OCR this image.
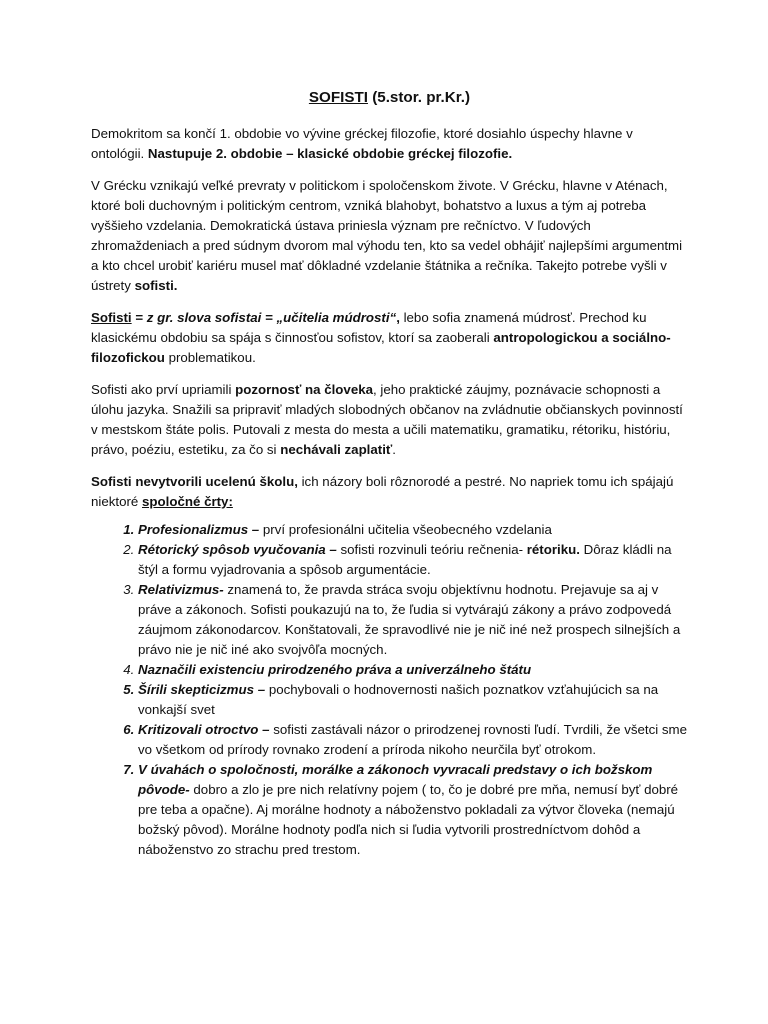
SOFISTI (5.stor. pr.Kr.)

Demokritom sa končí 1. obdobie vo vývine gréckej filozofie, ktoré dosiahlo úspechy hlavne v ontológii. Nastupuje 2. obdobie – klasické obdobie gréckej filozofie.

V Grécku vznikajú veľké prevraty v politickom i spoločenskom živote. V Grécku, hlavne v Aténach, ktoré boli duchovným i politickým centrom, vzniká blahobyt, bohatstvo a luxus a tým aj potreba vyššieho vzdelania. Demokratická ústava priniesla význam pre rečníctvo. V ľudových zhromaždeniach a pred súdnym dvorom mal výhodu ten, kto sa vedel obhájiť najlepšími argumentmi a kto chcel urobiť kariéru musel mať dôkladné vzdelanie štátnika a rečníka. Takejto potrebe vyšli v ústrety sofisti.

Sofisti = z gr. slova sofistai = „učitelia múdrosti“, lebo sofia znamená múdrosť. Prechod ku klasickému obdobiu sa spája s činnosťou sofistov, ktorí sa zaoberali antropologickou a sociálno-filozofickou problematikou.

Sofisti ako prví upriamili pozornosť na človeka, jeho praktické záujmy, poznávacie schopnosti a úlohu jazyka. Snažili sa pripraviť mladých slobodných občanov na zvládnutie občianskych povinností v mestskom štáte polis. Putovali z mesta do mesta a učili matematiku, gramatiku, rétoriku, históriu, právo, poéziu, estetiku, za čo si nechávali zaplatiť.

Sofisti nevytvorili ucelenú školu, ich názory boli rôznorodé a pestré. No napriek tomu ich spájajú niektoré spoločné črty:

1. Profesionalizmus – prví profesionálni učitelia všeobecného vzdelania
2. Rétorický spôsob vyučovania – sofisti rozvinuli teóriu rečnenia- rétoriku. Dôraz kládli na štýl a formu vyjadrovania a spôsob argumentácie.
3. Relativizmus- znamená to, že pravda stráca svoju objektívnu hodnotu. Prejavuje sa aj v práve a zákonoch. Sofisti poukazujú na to, že ľudia si vytvárajú zákony a právo zodpovedá záujmom zákonodarcov. Konštatovali, že spravodlivé nie je nič iné než prospech silnejších a právo nie je nič iné ako svojvôľa mocných.
4. Naznačili existenciu prirodzeného práva a univerzálneho štátu
5. Šírili skepticizmus – pochybovali o hodnovernosti našich poznatkov vzťahujúcich sa na vonkajší svet
6. Kritizovali otroctvo – sofisti zastávali názor o prirodzenej rovnosti ľudí. Tvrdili, že všetci sme vo všetkom od prírody rovnako zrodení a príroda nikoho neurčila byť otrokom.
7. V úvahách o spoločnosti, morálke a zákonoch vyvracali predstavy o ich božskom pôvode- dobro a zlo je pre nich relatívny pojem ( to, čo je dobré pre mňa, nemusí byť dobré pre teba a opačne). Aj morálne hodnoty a náboženstvo pokladali za výtvor človeka (nemajú božský pôvod). Morálne hodnoty podľa nich si ľudia vytvorili prostredníctvom dohôd a náboženstvo zo strachu pred trestom.
